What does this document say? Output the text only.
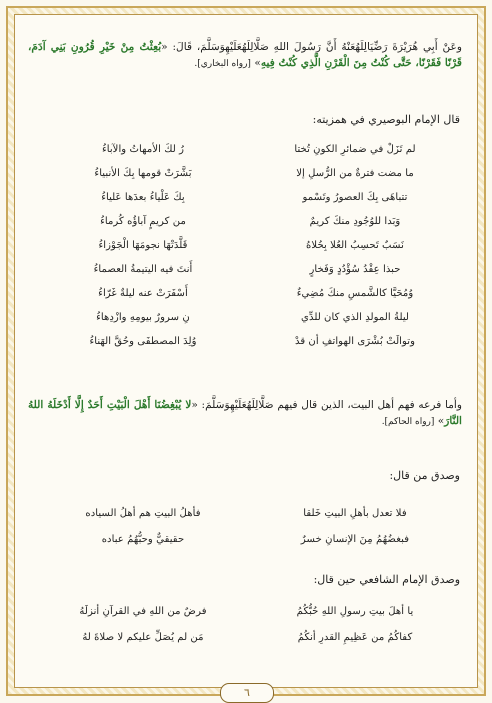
وعَنْ أَبِي هُرَيْرَةَ رَضِّيَالِلَهُعَنْهُ أَنَّ رَسُولَ اللهِ صَلَّالِلَهُعَلَيْهِوَسَلَّمَ، قَالَ: «بُعِثْتُ مِنْ خَيْرِ قُرُونِ بَنِي آدَمَ، قَرْنًا فَقَرْنًا، حَتَّى كُنْتُ مِنَ الْقَرْنِ الَّذِي كُنْتُ فِيهِ» [رواه البخاري].

قال الإمام البوصيري في همزيته:
لم تَزَلْ في ضمائرِ الكونِ تُختا
رُ لكَ الأمهاتُ والآباءُ
ما مضت فترةٌ من الرُّسلِ إلا
بَشَّرَتْ قومها بِكَ الأنبياءُ
تتباهَى بِكَ العصورُ وتَسْمو
بِكَ عَلْياءُ بعدَها عَلياءُ
وَبَدا للوُجُودِ منكَ كريمٌ
من كريمٍ آباؤُه كُرماءُ
نَسَبٌ تَحسِبُ العُلا بِحُلاهُ
قَلَّدَتْهَا نجومَهَا الْجَوْزاءُ
حبذا عِقْدُ سُؤْدُدٍ وَفَخارٍ
أَنتَ فيه اليتيمةُ العصماءُ
وُمُحَيَّا كالشَّمسِ منكَ مُضِيءٌ
أَسْفَرَتْ عنه ليلةٌ غَرّاءُ
ليلةُ المولدِ الذي كان للدِّي
نِ سرورٌ بيومِهِ وازْدِهاءُ
وتوالَتْ بُشْرَى الهواتفِ أن قدْ
وُلِدَ المصطفَى وحُقَّ الهَناءُ

وأما فرعه فهم أهل البيت، الذين قال فيهم صَلَّالِلَهُعَلَيْهِوَسَلَّمَ: «لا يُبْغِضُنَا أَهْلَ الْبَيْتِ أَحَدٌ إِلَّا أَدْخَلَهُ اللهُ النَّارَ» [رواه الحاكم].

وصدق من قال:
فلا تعدل بأهلِ البيتِ خَلقا
فأهلُ البيتِ هم أهلُ السياده
فبغضُهُمُ مِنَ الإنسانِ خسرٌ
حقيقيٌّ وحبُّهُمُ عباده
وصدق الإمام الشافعي حين قال:
يا أهلَ بيتِ رسولِ اللهِ حُبُّكُمُ
فرضٌ من اللهِ في القرآنِ أنزلَهُ
كفاكُمُ من عَظِيمِ القدرِ أنكُمُ
مَن لم يُصَلِّ عليكم لا صلاةَ لهُ
٦
